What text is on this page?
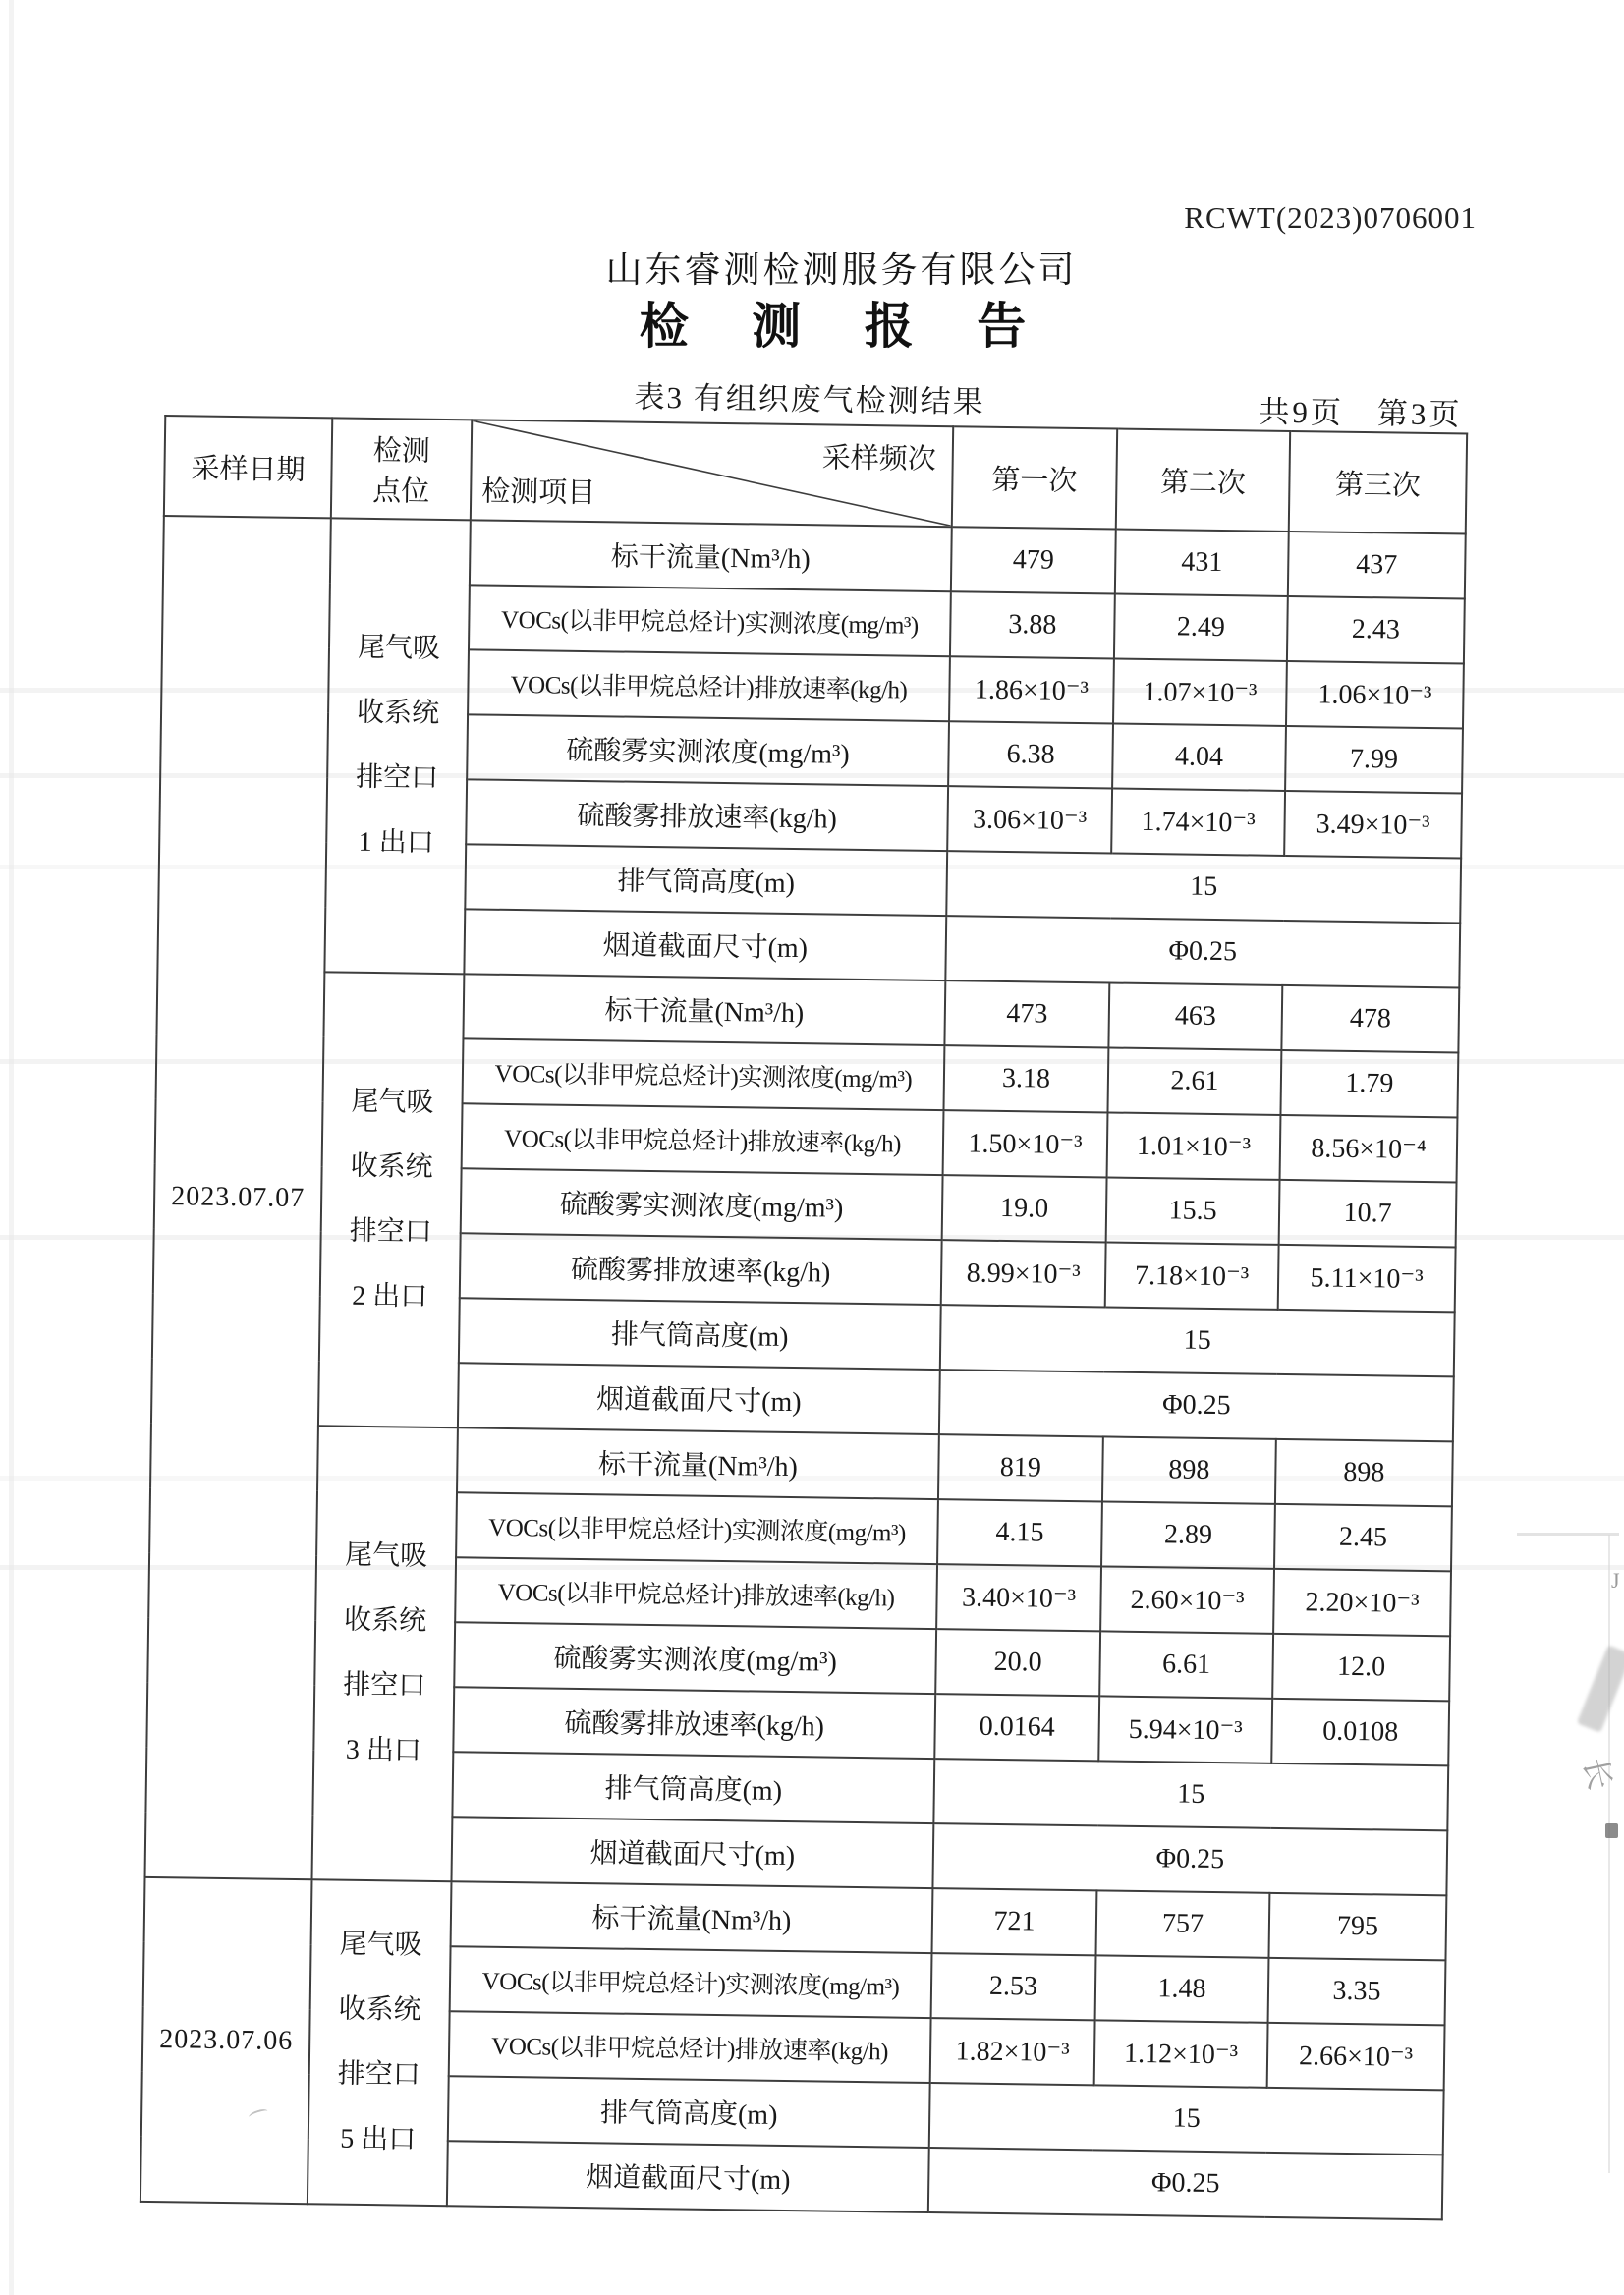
长
J
RCWT(2023)0706001
山东睿测检测服务有限公司
检 测 报 告
表3 有组织废气检测结果	共9页　第3页
采样日期	
检测
点位

采样频次
检测项目	第一次	第二次	第三次
2023.07.07	尾气吸
收系统
排空口
1 出口	标干流量(Nm³/h)	479	431	437
		VOCs(以非甲烷总烃计)实测浓度(mg/m³)	3.88	2.49	2.43
		VOCs(以非甲烷总烃计)排放速率(kg/h)	1.86×10⁻³	1.07×10⁻³	1.06×10⁻³
		硫酸雾实测浓度(mg/m³)	6.38	4.04	7.99
		硫酸雾排放速率(kg/h)	3.06×10⁻³	1.74×10⁻³	3.49×10⁻³
		排气筒高度(m)	15		
		烟道截面尺寸(m)	Φ0.25		

	尾气吸
收系统
排空口
2 出口	标干流量(Nm³/h)	473	463	478
		VOCs(以非甲烷总烃计)实测浓度(mg/m³)	3.18	2.61	1.79
		VOCs(以非甲烷总烃计)排放速率(kg/h)	1.50×10⁻³	1.01×10⁻³	8.56×10⁻⁴
		硫酸雾实测浓度(mg/m³)	19.0	15.5	10.7
		硫酸雾排放速率(kg/h)	8.99×10⁻³	7.18×10⁻³	5.11×10⁻³
		排气筒高度(m)	15		
		烟道截面尺寸(m)	Φ0.25		

	尾气吸
收系统
排空口
3 出口	标干流量(Nm³/h)	819	898	898
		VOCs(以非甲烷总烃计)实测浓度(mg/m³)	4.15	2.89	2.45
		VOCs(以非甲烷总烃计)排放速率(kg/h)	3.40×10⁻³	2.60×10⁻³	2.20×10⁻³
		硫酸雾实测浓度(mg/m³)	20.0	6.61	12.0
		硫酸雾排放速率(kg/h)	0.0164	5.94×10⁻³	0.0108
		排气筒高度(m)	15		
		烟道截面尺寸(m)	Φ0.25		
2023.07.06	尾气吸
收系统
排空口
5 出口	标干流量(Nm³/h)	721	757	795
		VOCs(以非甲烷总烃计)实测浓度(mg/m³)	2.53	1.48	3.35
		VOCs(以非甲烷总烃计)排放速率(kg/h)	1.82×10⁻³	1.12×10⁻³	2.66×10⁻³
		排气筒高度(m)	15		
		烟道截面尺寸(m)	Φ0.25		
